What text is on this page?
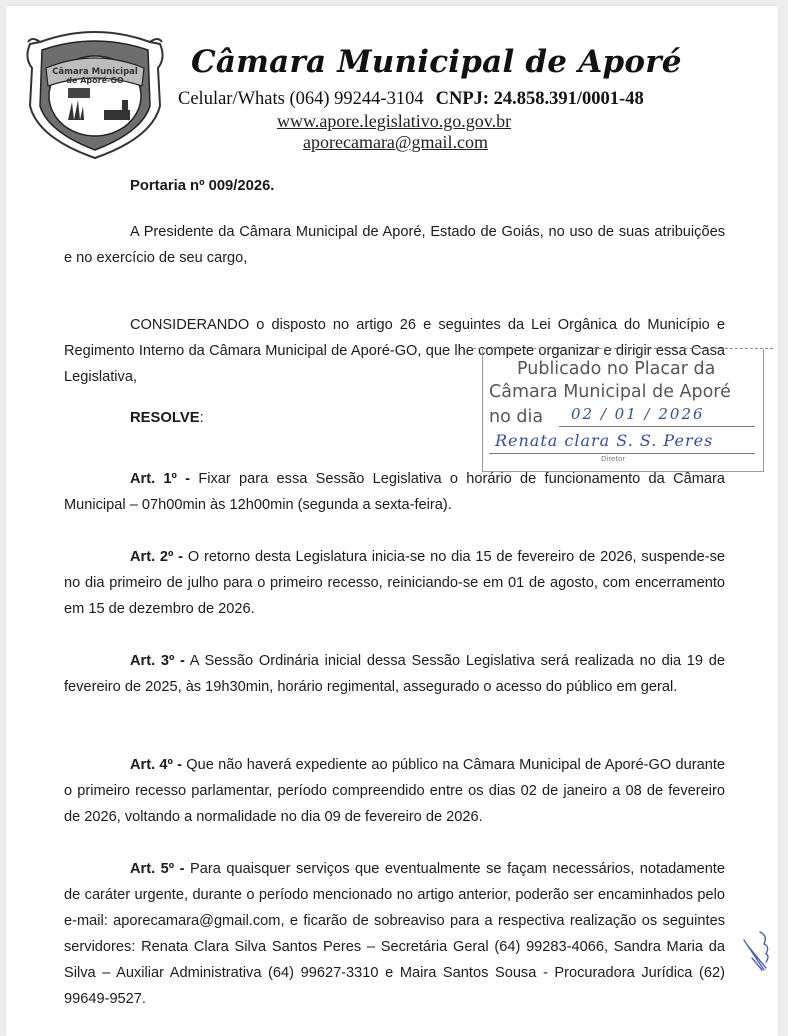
Câmara Municipal
de Aporé-GO
Câmara Municipal de Aporé
Celular/Whats (064) 99244-3104 CNPJ: 24.858.391/0001-48
www.apore.legislativo.go.gov.br
aporecamara@gmail.com
Portaria nº 009/2026.
A Presidente da Câmara Municipal de Aporé, Estado de Goiás, no uso de suas atribuições e no exercício de seu cargo,
CONSIDERANDO o disposto no artigo 26 e seguintes da Lei Orgânica do Município e Regimento Interno da Câmara Municipal de Aporé-GO, que lhe compete organizar e dirigir essa Casa Legislativa,
RESOLVE:
Art. 1º - Fixar para essa Sessão Legislativa o horário de funcionamento da Câmara Municipal – 07h00min às 12h00min (segunda a sexta-feira).
Art. 2º - O retorno desta Legislatura inicia-se no dia 15 de fevereiro de 2026, suspende-se no dia primeiro de julho para o primeiro recesso, reiniciando-se em 01 de agosto, com encerramento em 15 de dezembro de 2026.
Art. 3º - A Sessão Ordinária inicial dessa Sessão Legislativa será realizada no dia 19 de fevereiro de 2025, às 19h30min, horário regimental, assegurado o acesso do público em geral.
Art. 4º - Que não haverá expediente ao público na Câmara Municipal de Aporé-GO durante o primeiro recesso parlamentar, período compreendido entre os dias 02 de janeiro a 08 de fevereiro de 2026, voltando a normalidade no dia 09 de fevereiro de 2026.
Art. 5º - Para quaisquer serviços que eventualmente se façam necessários, notadamente de caráter urgente, durante o período mencionado no artigo anterior, poderão ser encaminhados pelo e-mail: aporecamara@gmail.com, e ficarão de sobreaviso para a respectiva realização os seguintes servidores: Renata Clara Silva Santos Peres – Secretária Geral (64) 99283-4066, Sandra Maria da Silva – Auxiliar Administrativa (64) 99627-3310 e Maira Santos Sousa - Procuradora Jurídica (62) 99649-9527.
Publicado no Placar da
Câmara Municipal de Aporé
no dia 02 / 01 / 2026
Renata clara S. S. Peres
Diretor
